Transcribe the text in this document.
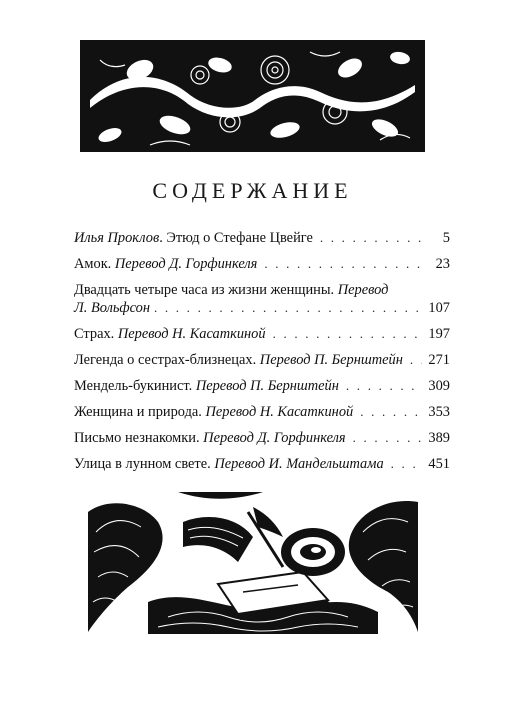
СОДЕРЖАНИЕ
Илья Проклов. Этюд о Стефане Цвейге . . .	5
Амок. Перевод Д. Горфинкеля . . .	23
Двадцать четыре часа из жизни женщины. Перевод
Л. Вольфсон . . .	107
Страх. Перевод Н. Касаткиной . . .	197
Легенда о сестрах-близнецах. Перевод П. Бернштейн . . . 271
Мендель-букинист. Перевод П. Бернштейн . . .	309
Женщина и природа. Перевод Н. Касаткиной . . .	353
Письмо незнакомки. Перевод Д. Горфинкеля . . .	389
Улица в лунном свете. Перевод И. Мандельштама . . .	451
